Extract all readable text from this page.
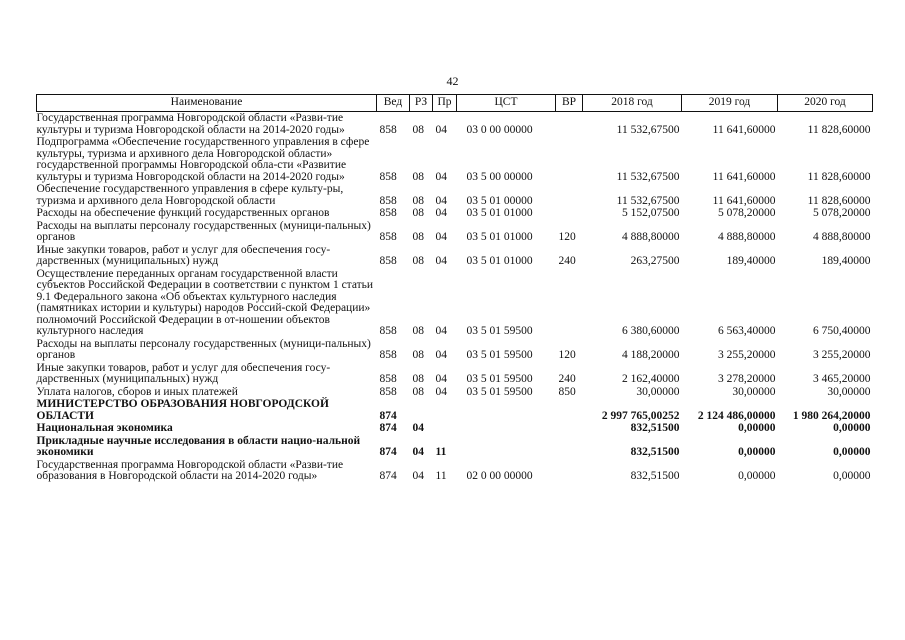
42
Наименование	Вед	РЗ	Пр	ЦСТ	ВР	2018 год	2019 год	2020 год
Государственная программа Новгородской области «Разви-тие культуры и туризма Новгородской области на 2014-2020 годы»	858	08	04	03 0 00 00000		11 532,67500	11 641,60000	11 828,60000
Подпрограмма «Обеспечение государственного управления в сфере культуры, туризма и архивного дела Новгородской области» государственной программы Новгородской обла-сти «Развитие культуры и туризма Новгородской области на 2014-2020 годы»	858	08	04	03 5 00 00000		11 532,67500	11 641,60000	11 828,60000
Обеспечение государственного управления в сфере культу-ры, туризма и архивного дела Новгородской области	858	08	04	03 5 01 00000		11 532,67500	11 641,60000	11 828,60000
Расходы на обеспечение функций государственных органов	858	08	04	03 5 01 01000		5 152,07500	5 078,20000	5 078,20000
Расходы на выплаты персоналу государственных (муници-пальных) органов	858	08	04	03 5 01 01000	120	4 888,80000	4 888,80000	4 888,80000
Иные закупки товаров, работ и услуг для обеспечения госу-дарственных (муниципальных) нужд	858	08	04	03 5 01 01000	240	263,27500	189,40000	189,40000
Осуществление переданных органам государственной власти субъектов Российской Федерации в соответствии с пунктом 1 статьи 9.1 Федерального закона «Об объектах культурного наследия (памятниках истории и культуры) народов Россий-ской Федерации» полномочий Российской Федерации в от-ношении объектов культурного наследия	858	08	04	03 5 01 59500		6 380,60000	6 563,40000	6 750,40000
Расходы на выплаты персоналу государственных (муници-пальных) органов	858	08	04	03 5 01 59500	120	4 188,20000	3 255,20000	3 255,20000
Иные закупки товаров, работ и услуг для обеспечения госу-дарственных (муниципальных) нужд	858	08	04	03 5 01 59500	240	2 162,40000	3 278,20000	3 465,20000
Уплата налогов, сборов и иных платежей	858	08	04	03 5 01 59500	850	30,00000	30,00000	30,00000
МИНИСТЕРСТВО ОБРАЗОВАНИЯ НОВГОРОДСКОЙ ОБЛАСТИ	874					2 997 765,00252	2 124 486,00000	1 980 264,20000
Национальная экономика	874	04				832,51500	0,00000	0,00000
Прикладные научные исследования в области нацио-нальной экономики	874	04	11			832,51500	0,00000	0,00000
Государственная программа Новгородской области «Разви-тие образования в Новгородской области на 2014-2020 годы»	874	04	11	02 0 00 00000		832,51500	0,00000	0,00000
